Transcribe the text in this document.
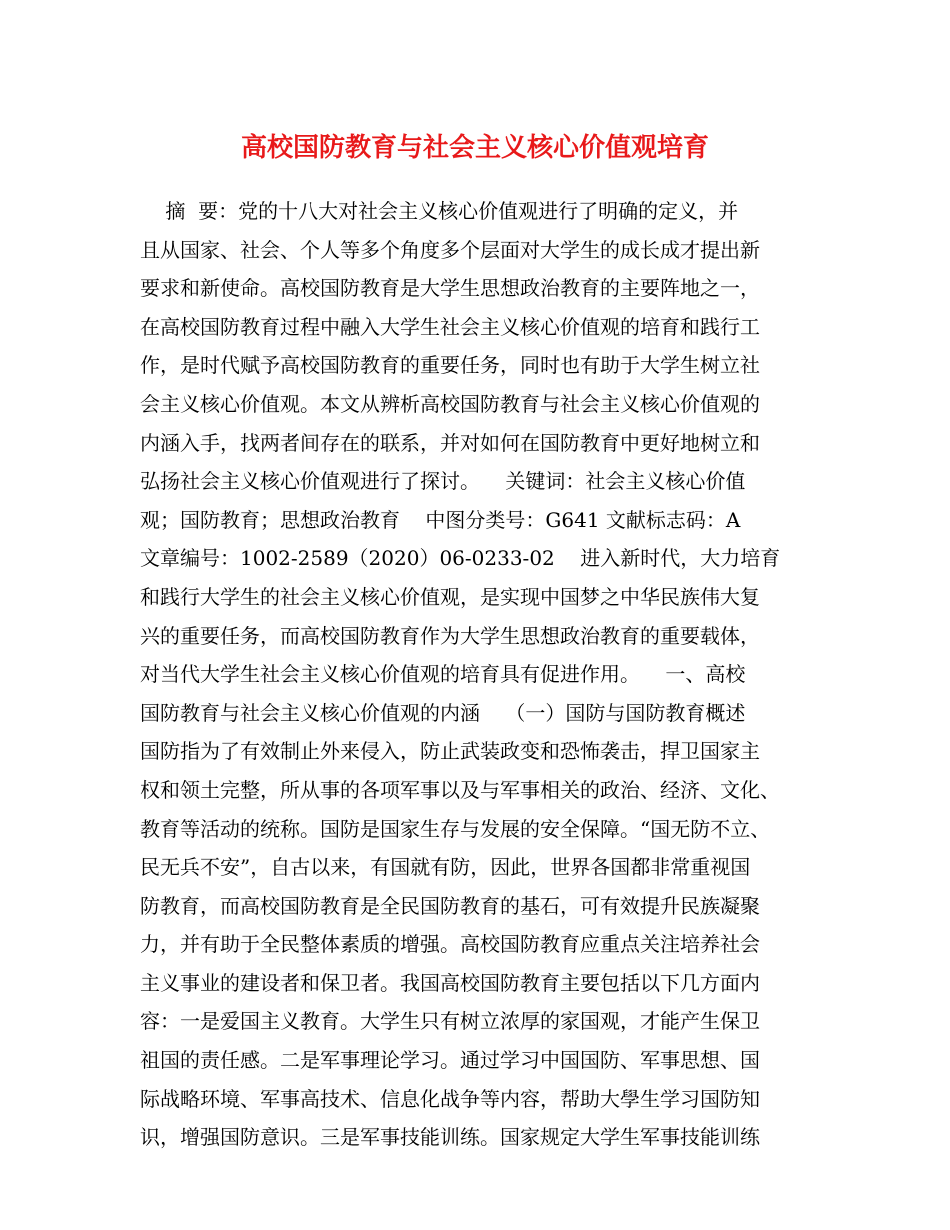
高校国防教育与社会主义核心价值观培育
摘  要：党的十八大对社会主义核心价值观进行了明确的定义，并
且从国家、社会、个人等多个角度多个层面对大学生的成长成才提出新
要求和新使命。高校国防教育是大学生思想政治教育的主要阵地之一，
在高校国防教育过程中融入大学生社会主义核心价值观的培育和践行工
作，是时代赋予高校国防教育的重要任务，同时也有助于大学生树立社
会主义核心价值观。本文从辨析高校国防教育与社会主义核心价值观的
内涵入手，找两者间存在的联系，并对如何在国防教育中更好地树立和
弘扬社会主义核心价值观进行了探讨。    关键词：社会主义核心价值
观；国防教育；思想政治教育    中图分类号：G641 文献标志码：A
文章编号：1002-2589（2020）06-0233-02    进入新时代，大力培育
和践行大学生的社会主义核心价值观，是实现中国梦之中华民族伟大复
兴的重要任务，而高校国防教育作为大学生思想政治教育的重要载体，
对当代大学生社会主义核心价值观的培育具有促进作用。    一、高校
国防教育与社会主义核心价值观的内涵    （一）国防与国防教育概述
国防指为了有效制止外来侵入，防止武装政变和恐怖袭击，捍卫国家主
权和领土完整，所从事的各项军事以及与军事相关的政治、经济、文化、
教育等活动的统称。国防是国家生存与发展的安全保障。“国无防不立、
民无兵不安”，自古以来，有国就有防，因此，世界各国都非常重视国
防教育，而高校国防教育是全民国防教育的基石，可有效提升民族凝聚
力，并有助于全民整体素质的增强。高校国防教育应重点关注培养社会
主义事业的建设者和保卫者。我国高校国防教育主要包括以下几方面内
容：一是爱国主义教育。大学生只有树立浓厚的家国观，才能产生保卫
祖国的责任感。二是军事理论学习。通过学习中国国防、军事思想、国
际战略环境、军事高技术、信息化战争等内容，帮助大學生学习国防知
识，增强国防意识。三是军事技能训练。国家规定大学生军事技能训练
